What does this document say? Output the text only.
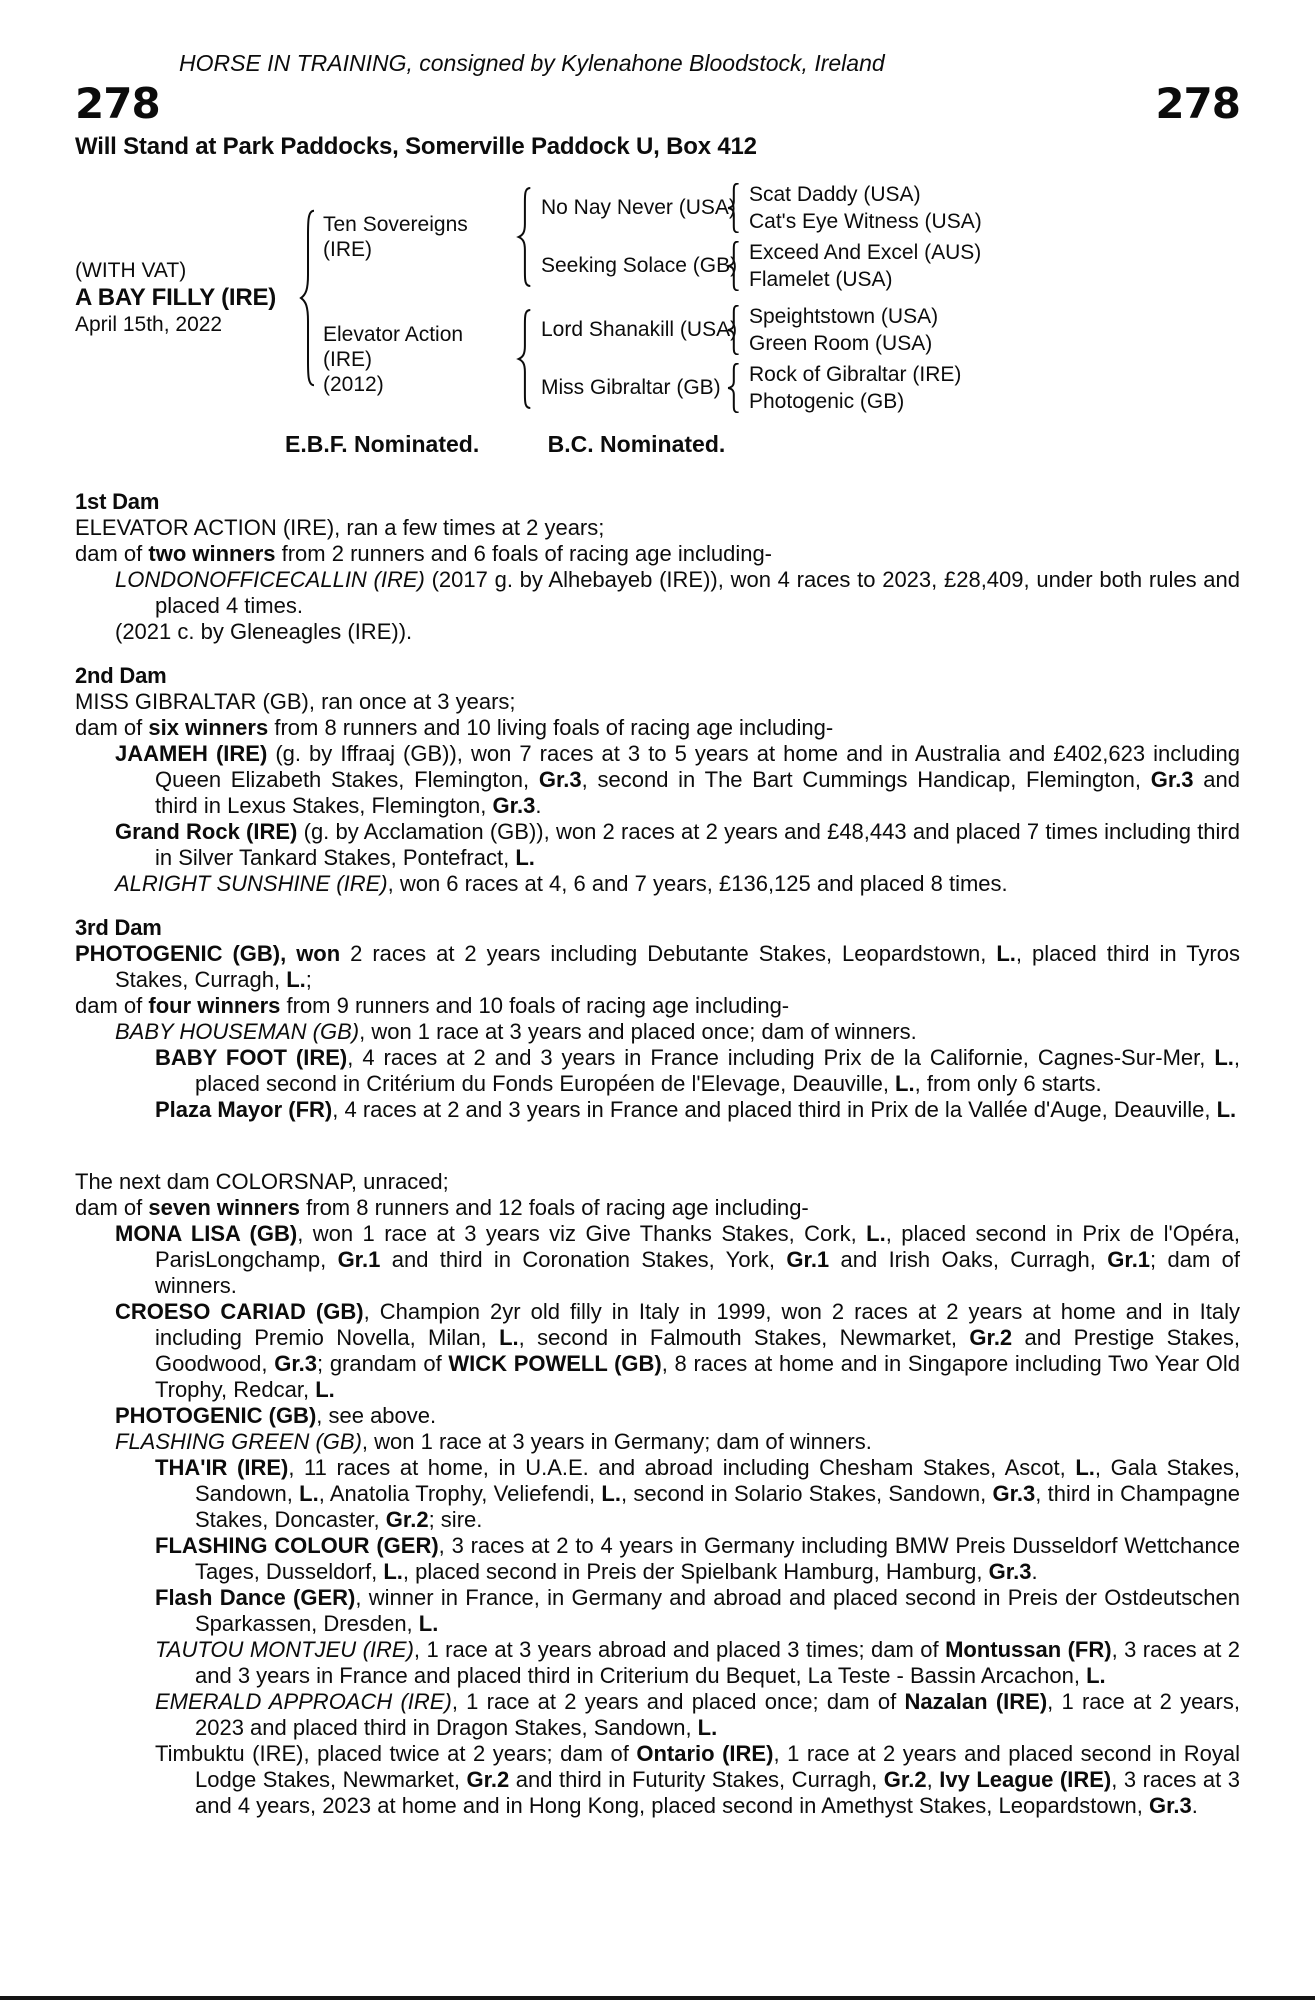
HORSE IN TRAINING, consigned by Kylenahone Bloodstock, Ireland
278	278
Will Stand at Park Paddocks, Somerville Paddock U, Box 412
(WITH VAT)
A BAY FILLY (IRE)
April 15th, 2022
Ten Sovereigns (IRE)
No Nay Never (USA)
Scat Daddy (USA)
Cat's Eye Witness (USA)
Seeking Solace (GB)
Exceed And Excel (AUS)
Flamelet (USA)
Elevator Action (IRE)
(2012)
Lord Shanakill (USA)
Speightstown (USA)
Green Room (USA)
Miss Gibraltar (GB)
Rock of Gibraltar (IRE)
Photogenic (GB)
E.B.F. Nominated.	B.C. Nominated.
1st Dam
ELEVATOR ACTION (IRE), ran a few times at 2 years;
dam of two winners from 2 runners and 6 foals of racing age including-
LONDONOFFICECALLIN (IRE) (2017 g. by Alhebayeb (IRE)), won 4 races to 2023, £28,409, under both rules and placed 4 times.
(2021 c. by Gleneagles (IRE)).
2nd Dam
MISS GIBRALTAR (GB), ran once at 3 years;
dam of six winners from 8 runners and 10 living foals of racing age including-
JAAMEH (IRE) (g. by Iffraaj (GB)), won 7 races at 3 to 5 years at home and in Australia and £402,623 including Queen Elizabeth Stakes, Flemington, Gr.3, second in The Bart Cummings Handicap, Flemington, Gr.3 and third in Lexus Stakes, Flemington, Gr.3.
Grand Rock (IRE) (g. by Acclamation (GB)), won 2 races at 2 years and £48,443 and placed 7 times including third in Silver Tankard Stakes, Pontefract, L.
ALRIGHT SUNSHINE (IRE), won 6 races at 4, 6 and 7 years, £136,125 and placed 8 times.
3rd Dam
PHOTOGENIC (GB), won 2 races at 2 years including Debutante Stakes, Leopardstown, L., placed third in Tyros Stakes, Curragh, L.;
dam of four winners from 9 runners and 10 foals of racing age including-
BABY HOUSEMAN (GB), won 1 race at 3 years and placed once; dam of winners.
BABY FOOT (IRE), 4 races at 2 and 3 years in France including Prix de la Californie, Cagnes-Sur-Mer, L., placed second in Critérium du Fonds Européen de l'Elevage, Deauville, L., from only 6 starts.
Plaza Mayor (FR), 4 races at 2 and 3 years in France and placed third in Prix de la Vallée d'Auge, Deauville, L.
The next dam COLORSNAP, unraced;
dam of seven winners from 8 runners and 12 foals of racing age including-
MONA LISA (GB), won 1 race at 3 years viz Give Thanks Stakes, Cork, L., placed second in Prix de l'Opéra, ParisLongchamp, Gr.1 and third in Coronation Stakes, York, Gr.1 and Irish Oaks, Curragh, Gr.1; dam of winners.
CROESO CARIAD (GB), Champion 2yr old filly in Italy in 1999, won 2 races at 2 years at home and in Italy including Premio Novella, Milan, L., second in Falmouth Stakes, Newmarket, Gr.2 and Prestige Stakes, Goodwood, Gr.3; grandam of WICK POWELL (GB), 8 races at home and in Singapore including Two Year Old Trophy, Redcar, L.
PHOTOGENIC (GB), see above.
FLASHING GREEN (GB), won 1 race at 3 years in Germany; dam of winners.
THA'IR (IRE), 11 races at home, in U.A.E. and abroad including Chesham Stakes, Ascot, L., Gala Stakes, Sandown, L., Anatolia Trophy, Veliefendi, L., second in Solario Stakes, Sandown, Gr.3, third in Champagne Stakes, Doncaster, Gr.2; sire.
FLASHING COLOUR (GER), 3 races at 2 to 4 years in Germany including BMW Preis Dusseldorf Wettchance Tages, Dusseldorf, L., placed second in Preis der Spielbank Hamburg, Hamburg, Gr.3.
Flash Dance (GER), winner in France, in Germany and abroad and placed second in Preis der Ostdeutschen Sparkassen, Dresden, L.
TAUTOU MONTJEU (IRE), 1 race at 3 years abroad and placed 3 times; dam of Montussan (FR), 3 races at 2 and 3 years in France and placed third in Criterium du Bequet, La Teste - Bassin Arcachon, L.
EMERALD APPROACH (IRE), 1 race at 2 years and placed once; dam of Nazalan (IRE), 1 race at 2 years, 2023 and placed third in Dragon Stakes, Sandown, L.
Timbuktu (IRE), placed twice at 2 years; dam of Ontario (IRE), 1 race at 2 years and placed second in Royal Lodge Stakes, Newmarket, Gr.2 and third in Futurity Stakes, Curragh, Gr.2, Ivy League (IRE), 3 races at 3 and 4 years, 2023 at home and in Hong Kong, placed second in Amethyst Stakes, Leopardstown, Gr.3.
